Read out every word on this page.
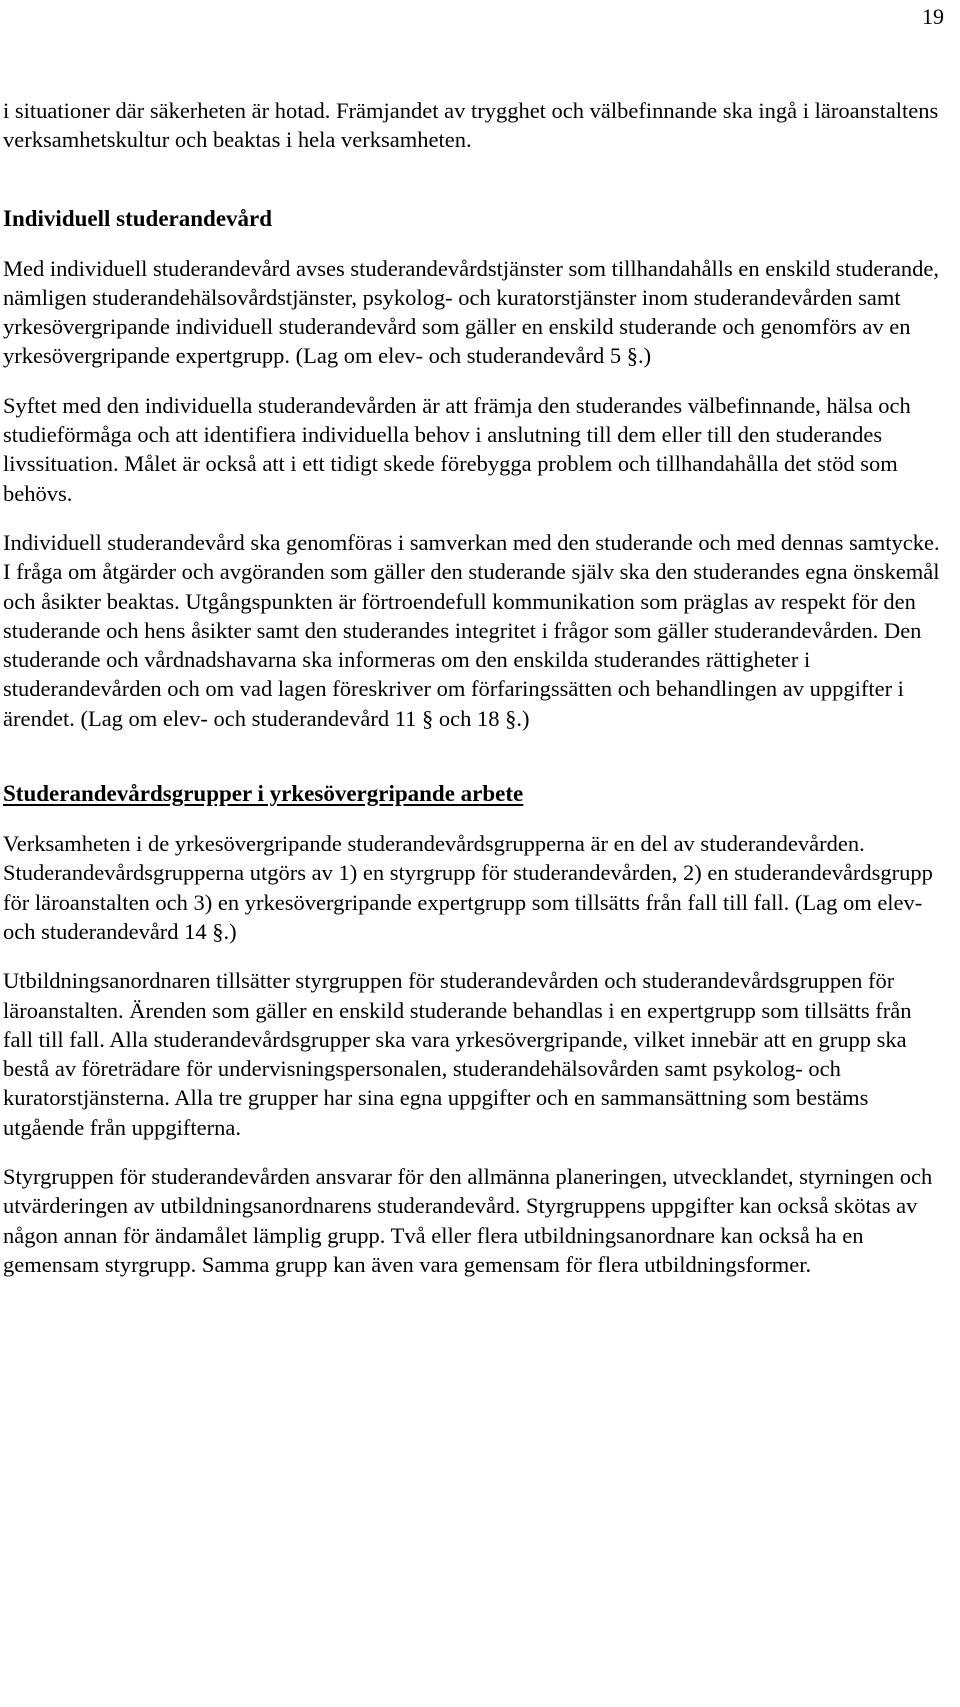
19

i situationer där säkerheten är hotad. Främjandet av trygghet och välbefinnande ska ingå i läroanstaltens verksamhetskultur och beaktas i hela verksamheten.

Individuell studerandevård

Med individuell studerandevård avses studerandevårdstjänster som tillhandahålls en enskild studerande, nämligen studerandehälsovårdstjänster, psykolog- och kuratorstjänster inom studerandevården samt yrkesövergripande individuell studerandevård som gäller en enskild studerande och genomförs av en yrkesövergripande expertgrupp. (Lag om elev- och studerandevård 5 §.)

Syftet med den individuella studerandevården är att främja den studerandes välbefinnande, hälsa och studieförmåga och att identifiera individuella behov i anslutning till dem eller till den studerandes livssituation. Målet är också att i ett tidigt skede förebygga problem och tillhandahålla det stöd som behövs.

Individuell studerandevård ska genomföras i samverkan med den studerande och med dennas samtycke. I fråga om åtgärder och avgöranden som gäller den studerande själv ska den studerandes egna önskemål och åsikter beaktas. Utgångspunkten är förtroendefull kommunikation som präglas av respekt för den studerande och hens åsikter samt den studerandes integritet i frågor som gäller studerandevården. Den studerande och vårdnadshavarna ska informeras om den enskilda studerandes rättigheter i studerandevården och om vad lagen föreskriver om förfaringssätten och behandlingen av uppgifter i ärendet. (Lag om elev- och studerandevård 11 § och 18 §.)

Studerandevårdsgrupper i yrkesövergripande arbete

Verksamheten i de yrkesövergripande studerandevårdsgrupperna är en del av studerandevården. Studerandevårdsgrupperna utgörs av 1) en styrgrupp för studerandevården, 2) en studerandevårdsgrupp för läroanstalten och 3) en yrkesövergripande expertgrupp som tillsätts från fall till fall. (Lag om elev- och studerandevård 14 §.)

Utbildningsanordnaren tillsätter styrgruppen för studerandevården och studerandevårdsgruppen för läroanstalten. Ärenden som gäller en enskild studerande behandlas i en expertgrupp som tillsätts från fall till fall. Alla studerandevårdsgrupper ska vara yrkesövergripande, vilket innebär att en grupp ska bestå av företrädare för undervisningspersonalen, studerandehälsovården samt psykolog- och kuratorstjänsterna. Alla tre grupper har sina egna uppgifter och en sammansättning som bestäms utgående från uppgifterna.

Styrgruppen för studerandevården ansvarar för den allmänna planeringen, utvecklandet, styrningen och utvärderingen av utbildningsanordnarens studerandevård. Styrgruppens uppgifter kan också skötas av någon annan för ändamålet lämplig grupp. Två eller flera utbildningsanordnare kan också ha en gemensam styrgrupp. Samma grupp kan även vara gemensam för flera utbildningsformer.
